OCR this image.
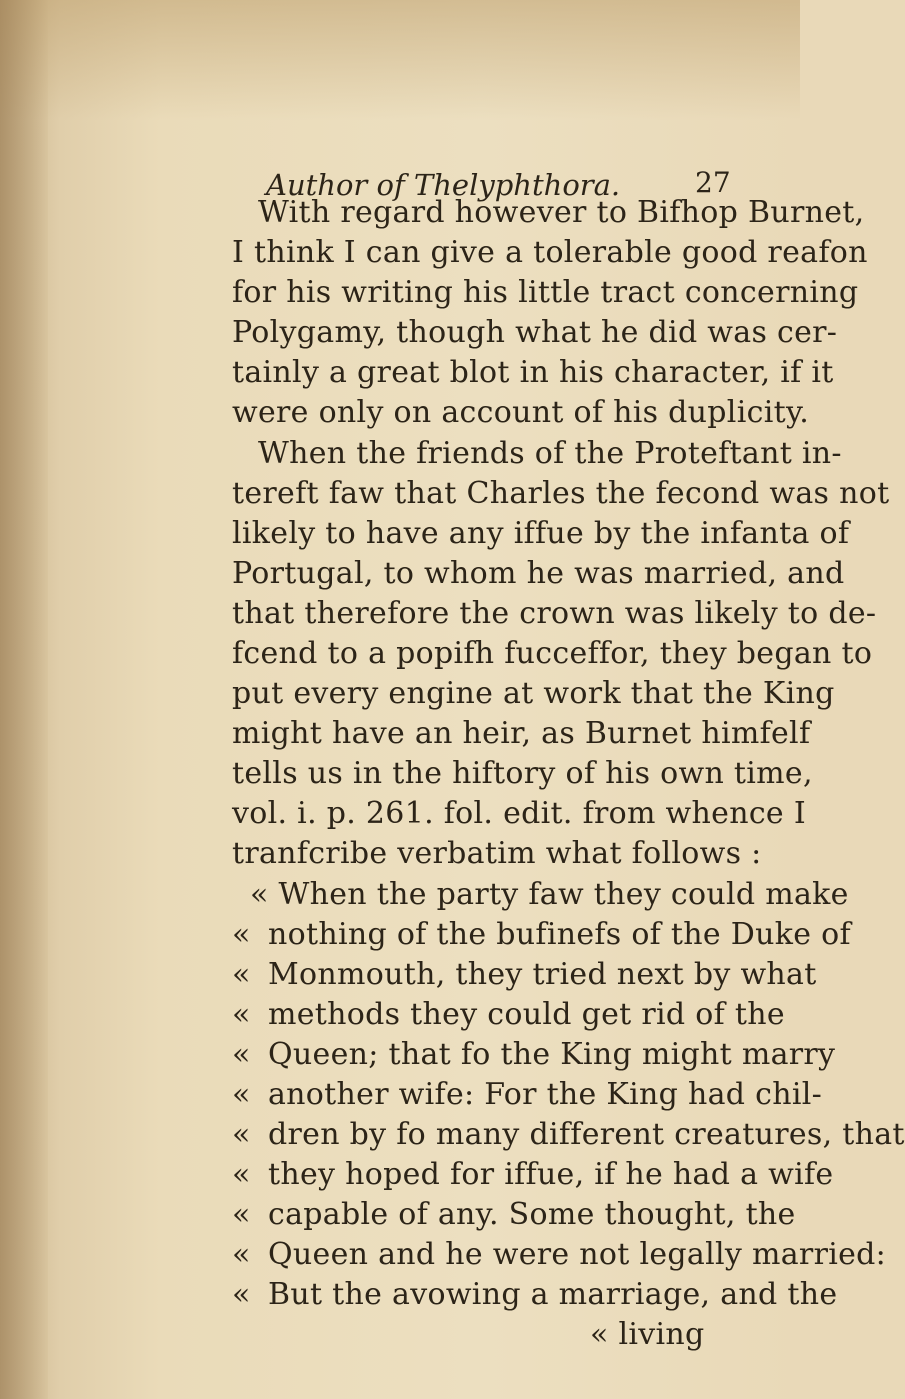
Author of Thelyphthora.	27
With regard however to Bifhop Burnet,
I think I can give a tolerable good reafon
for his writing his little tract concerning
Polygamy, though what he did was cer-
tainly a great blot in his character, if it
were only on account of his duplicity.
When the friends of the Proteftant in-
tereft faw that Charles the fecond was not
likely to have any iffue by the infanta of
Portugal, to whom he was married, and
that therefore the crown was likely to de-
fcend to a popifh fucceffor, they began to
put every engine at work that the King
might have an heir, as Burnet himfelf
tells us in the hiftory of his own time,
vol. i. p. 261. fol. edit. from whence I
tranfcribe verbatim what follows :
« When the party faw they could make
« nothing of the bufinefs of the Duke of
« Monmouth, they tried next by what
« methods they could get rid of the
« Queen; that fo the King might marry
« another wife: For the King had chil-
« dren by fo many different creatures, that
« they hoped for iffue, if he had a wife
« capable of any. Some thought, the
« Queen and he were not legally married:
« But the avowing a marriage, and the
« living
